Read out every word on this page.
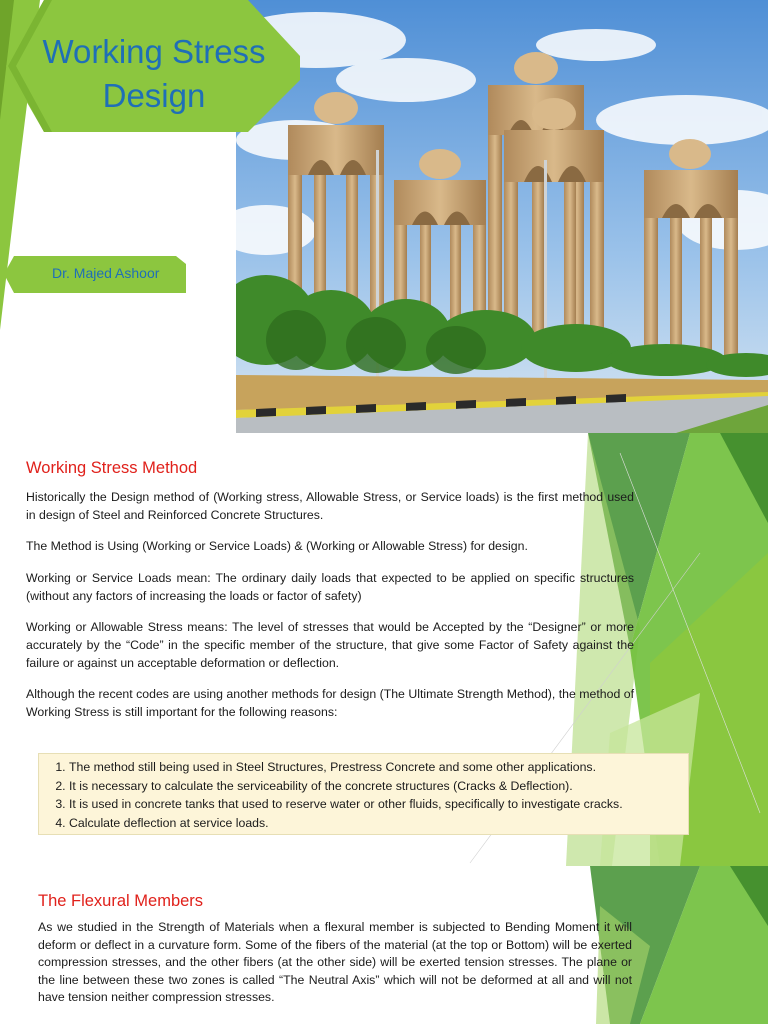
Working Stress
Design
Dr. Majed Ashoor
Working Stress Method

Historically the Design method of (Working stress, Allowable Stress, or Service loads) is the first method used in design of Steel and Reinforced Concrete Structures.

The Method is Using (Working or Service Loads) & (Working or Allowable Stress) for design.

Working or Service Loads mean: The ordinary daily loads that expected to be applied on specific structures (without any factors of increasing the loads or factor of safety)

Working or Allowable Stress means: The level of stresses that would be Accepted by the “Designer” or more accurately by the “Code” in the specific member of the structure, that give some Factor of Safety against the failure or against un acceptable deformation or deflection.

Although the recent codes are using another methods for design (The Ultimate Strength Method), the method of Working Stress is still important for the following reasons:

1. The method still being used in Steel Structures, Prestress Concrete and some other applications.
2. It is necessary to calculate the serviceability of the concrete structures (Cracks & Deflection).
3. It is used in concrete tanks that used to reserve water or other fluids, specifically to investigate cracks.
4. Calculate deflection at service loads.
The Flexural Members

As we studied in the Strength of Materials when a flexural member is subjected to Bending Moment it will deform or deflect in a curvature form. Some of the fibers of the material (at the top or Bottom) will be exerted compression stresses, and the other fibers (at the other side) will be exerted tension stresses. The plane or the line between these two zones is called “The Neutral Axis” which will not be deformed at all and will not have tension neither compression stresses.
